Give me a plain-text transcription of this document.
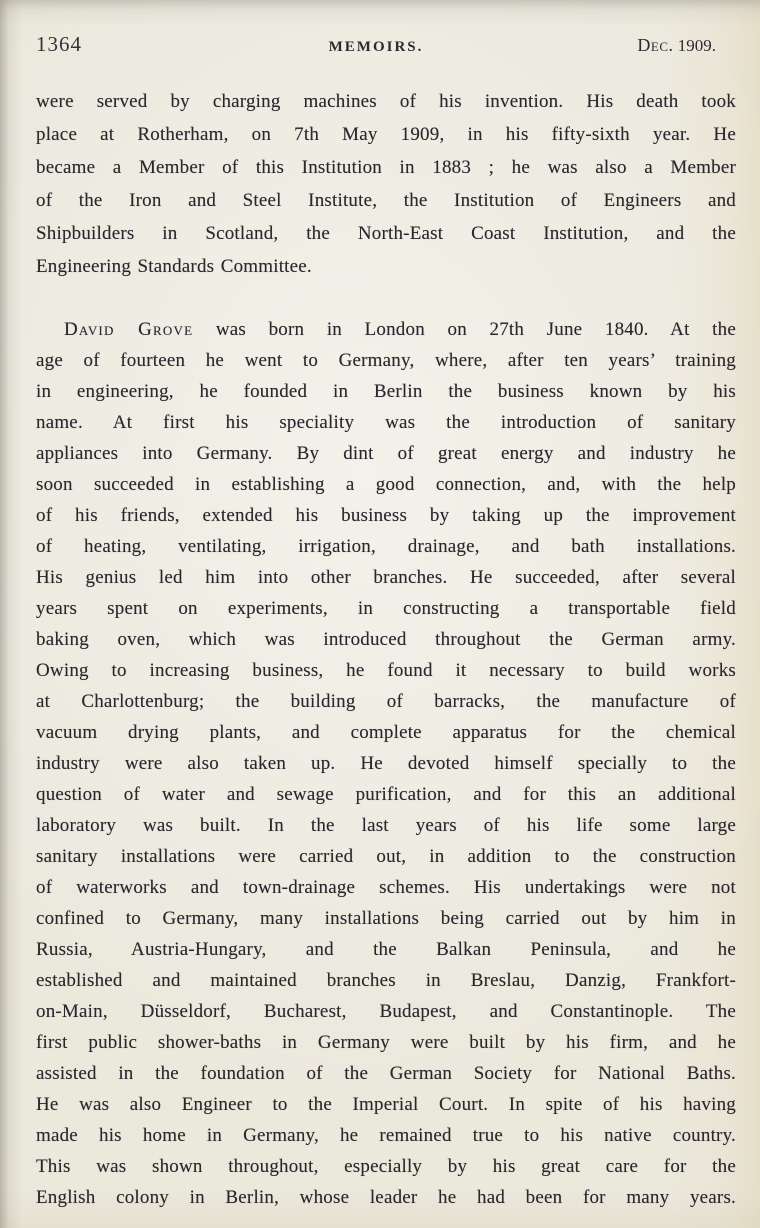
1364	MEMOIRS.	Dec. 1909.
were served by charging machines of his invention. His death took
place at Rotherham, on 7th May 1909, in his fifty-sixth year. He
became a Member of this Institution in 1883 ; he was also a Member
of the Iron and Steel Institute, the Institution of Engineers and
Shipbuilders in Scotland, the North-East Coast Institution, and the
Engineering Standards Committee.
David Grove was born in London on 27th June 1840. At the
age of fourteen he went to Germany, where, after ten years’ training
in engineering, he founded in Berlin the business known by his
name. At first his speciality was the introduction of sanitary
appliances into Germany. By dint of great energy and industry he
soon succeeded in establishing a good connection, and, with the help
of his friends, extended his business by taking up the improvement
of heating, ventilating, irrigation, drainage, and bath installations.
His genius led him into other branches. He succeeded, after several
years spent on experiments, in constructing a transportable field
baking oven, which was introduced throughout the German army.
Owing to increasing business, he found it necessary to build works
at Charlottenburg; the building of barracks, the manufacture of
vacuum drying plants, and complete apparatus for the chemical
industry were also taken up. He devoted himself specially to the
question of water and sewage purification, and for this an additional
laboratory was built. In the last years of his life some large
sanitary installations were carried out, in addition to the construction
of waterworks and town-drainage schemes. His undertakings were not
confined to Germany, many installations being carried out by him in
Russia, Austria-Hungary, and the Balkan Peninsula, and he
established and maintained branches in Breslau, Danzig, Frankfort-
on-Main, Düsseldorf, Bucharest, Budapest, and Constantinople. The
first public shower-baths in Germany were built by his firm, and he
assisted in the foundation of the German Society for National Baths.
He was also Engineer to the Imperial Court. In spite of his having
made his home in Germany, he remained true to his native country.
This was shown throughout, especially by his great care for the
English colony in Berlin, whose leader he had been for many years.
